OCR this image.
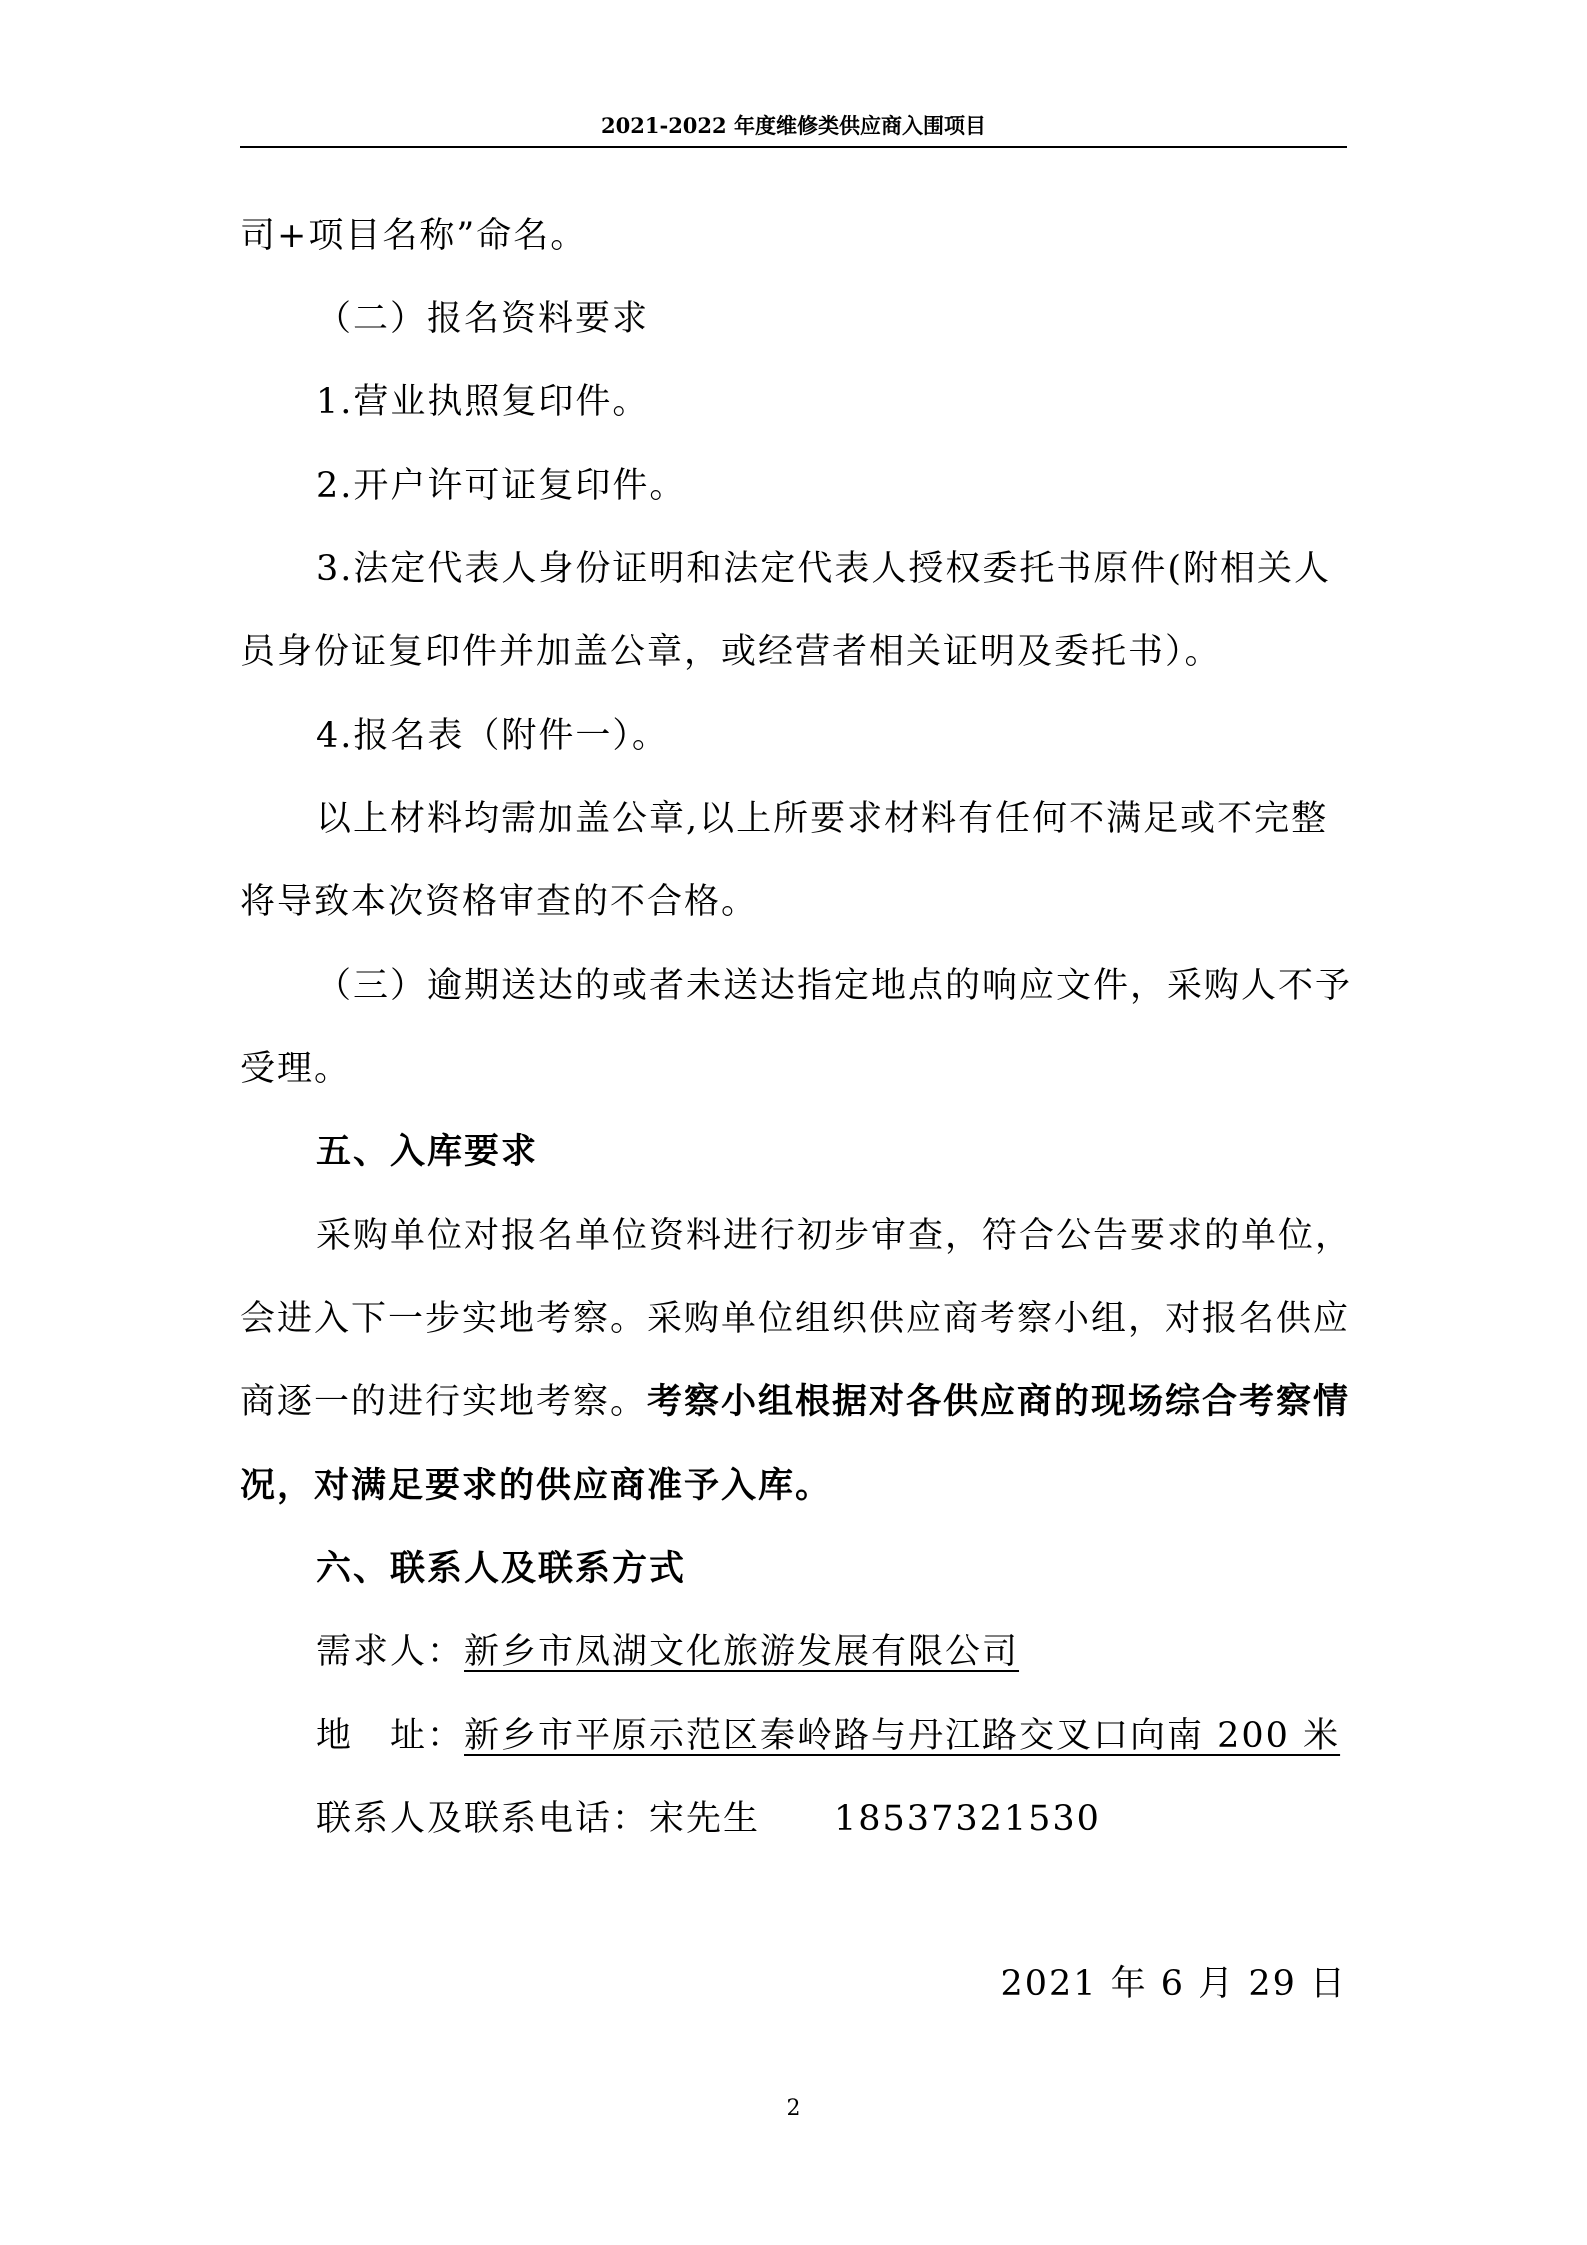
2021-2022 年度维修类供应商入围项目
司+项目名称”命名。
（二）报名资料要求
1.营业执照复印件。
2.开户许可证复印件。
3.法定代表人身份证明和法定代表人授权委托书原件(附相关人
员身份证复印件并加盖公章，或经营者相关证明及委托书）。
4.报名表（附件一）。
以上材料均需加盖公章,以上所要求材料有任何不满足或不完整
将导致本次资格审查的不合格。
（三）逾期送达的或者未送达指定地点的响应文件，采购人不予
受理。
五、入库要求
采购单位对报名单位资料进行初步审查，符合公告要求的单位，
会进入下一步实地考察。采购单位组织供应商考察小组，对报名供应
商逐一的进行实地考察。考察小组根据对各供应商的现场综合考察情
况，对满足要求的供应商准予入库。
六、联系人及联系方式
需求人：新乡市凤湖文化旅游发展有限公司
地　址：新乡市平原示范区秦岭路与丹江路交叉口向南 200 米
联系人及联系电话：宋先生　　18537321530
2021 年 6 月 29 日
2
